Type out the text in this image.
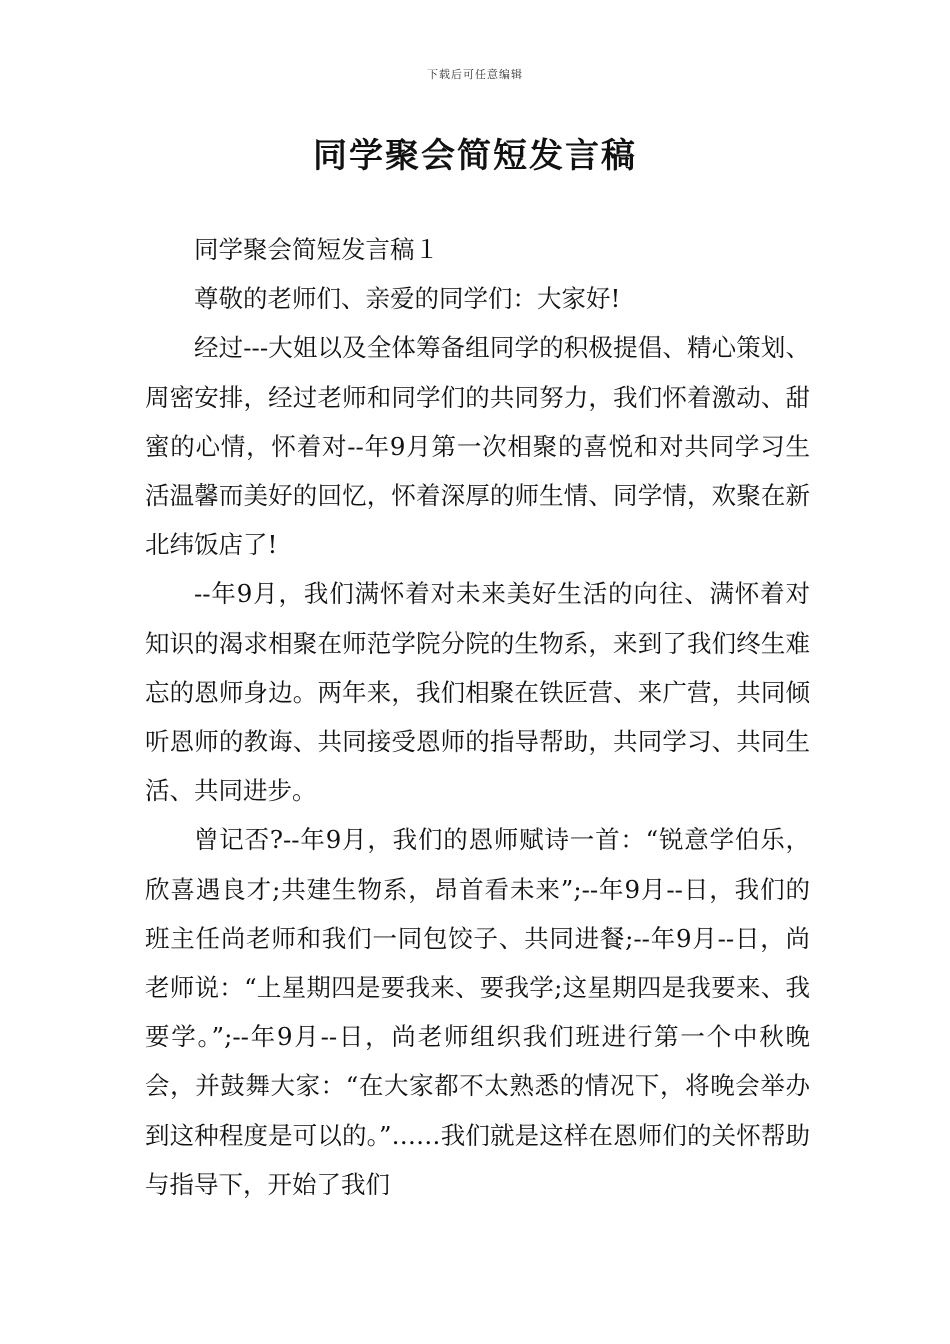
下载后可任意编辑
同学聚会简短发言稿

同学聚会简短发言稿１

尊敬的老师们、亲爱的同学们：大家好!

经过---大姐以及全体筹备组同学的积极提倡、精心策划、周密安排，经过老师和同学们的共同努力，我们怀着激动、甜蜜的心情，怀着对--年9月第一次相聚的喜悦和对共同学习生活温馨而美好的回忆，怀着深厚的师生情、同学情，欢聚在新北纬饭店了!

--年9月，我们满怀着对未来美好生活的向往、满怀着对知识的渴求相聚在师范学院分院的生物系，来到了我们终生难忘的恩师身边。两年来，我们相聚在铁匠营、来广营，共同倾听恩师的教诲、共同接受恩师的指导帮助，共同学习、共同生活、共同进步。

曾记否?--年9月，我们的恩师赋诗一首：“锐意学伯乐，欣喜遇良才;共建生物系，昂首看未来”;--年9月--日，我们的班主任尚老师和我们一同包饺子、共同进餐;--年9月--日，尚老师说：“上星期四是要我来、要我学;这星期四是我要来、我要学。”;--年9月--日，尚老师组织我们班进行第一个中秋晚会，并鼓舞大家：“在大家都不太熟悉的情况下，将晚会举办到这种程度是可以的。”……我们就是这样在恩师们的关怀帮助与指导下，开始了我们
